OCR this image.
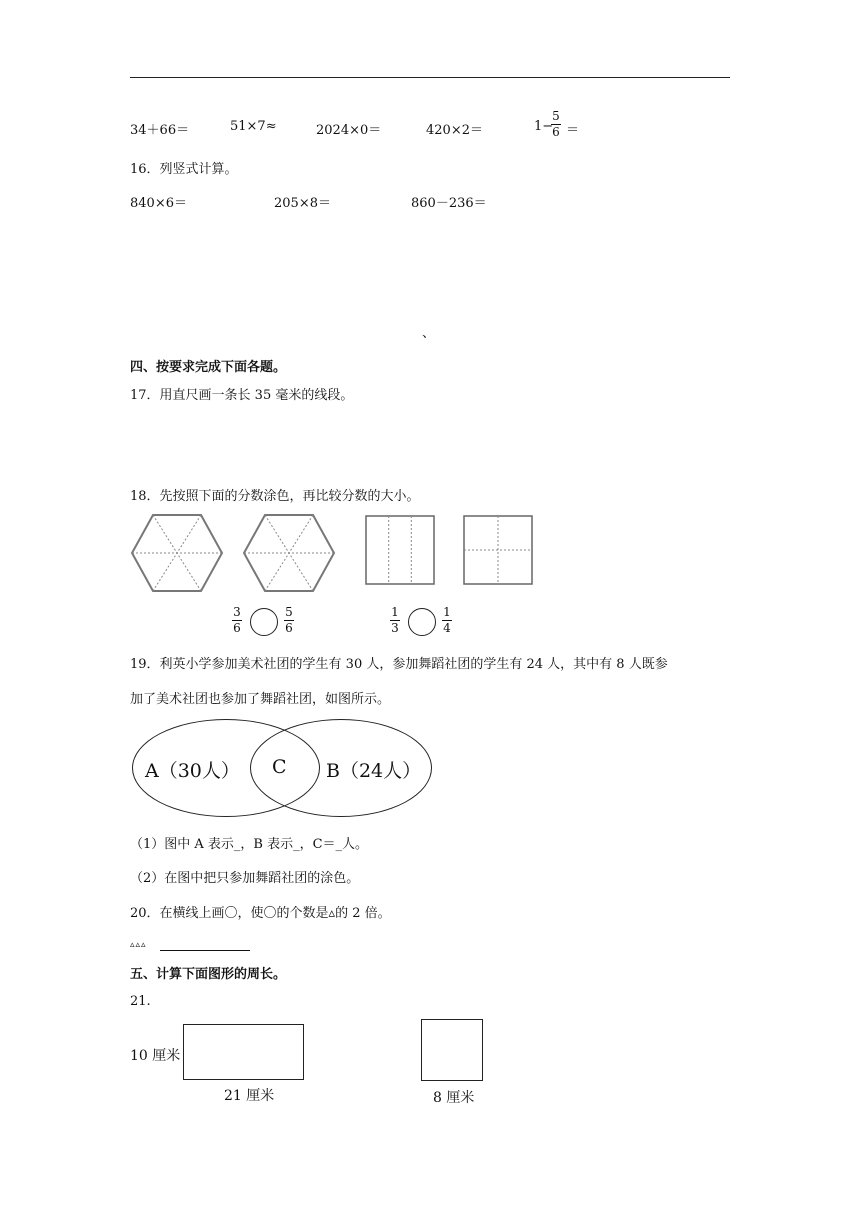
34＋66＝	51×7≈	2024×0＝	420×2＝	1−
5
6 ＝
16．列竖式计算。
840×6＝	205×8＝	860－236＝
、
四、按要求完成下面各题。
17．用直尺画一条长 35 毫米的线段。
18．先按照下面的分数涂色，再比较分数的大小。
3
6
5
6
1
3
1
4
19．利英小学参加美术社团的学生有 30 人，参加舞蹈社团的学生有 24 人，其中有 8 人既参
加了美术社团也参加了舞蹈社团，如图所示。
A（30人） C B（24人）
（1）图中 A 表示_，B 表示_，C＝_人。
（2）在图中把只参加舞蹈社团的涂色。
20．在横线上画〇，使〇的个数是▵的 2 倍。
▵▵▵
五、计算下面图形的周长。
21.
10 厘米
21 厘米	8 厘米
